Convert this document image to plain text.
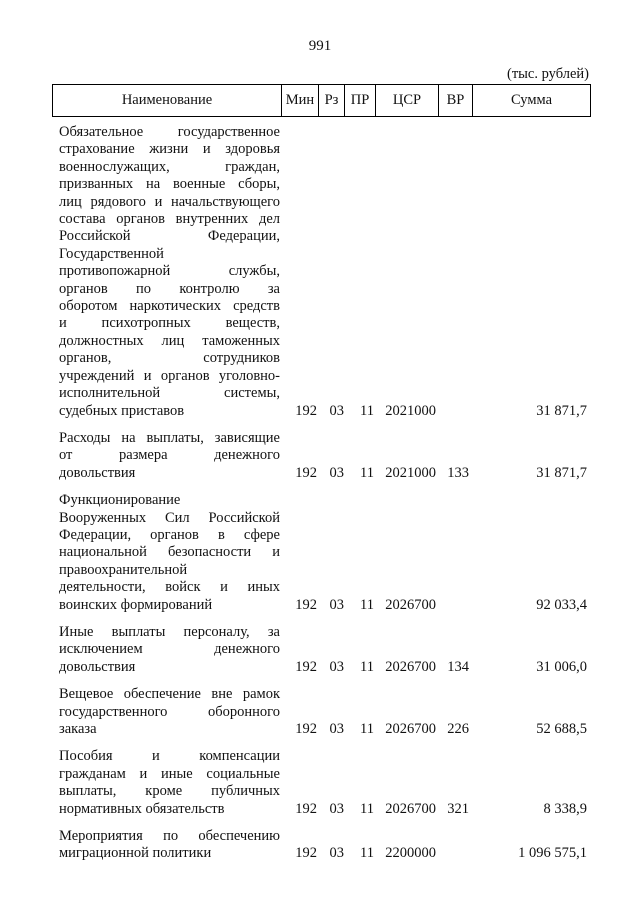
991
(тыс. рублей)
Наименование	Мин Рз ПР	ЦСР	ВР	Сумма
Обязательное государственное
страхование жизни и здоровья
военнослужащих, граждан,
призванных на военные сборы,
лиц рядового и начальствующего
состава органов внутренних дел
Российской Федерации,
Государственной
противопожарной службы,
органов по контролю за
оборотом наркотических средств
и психотропных веществ,
должностных лиц таможенных
органов, сотрудников
учреждений и органов уголовно-
исполнительной системы,
судебных приставов	192 03	11 2021000	31 871,7
Расходы на выплаты, зависящие
от размера денежного
довольствия	192 03	11 2021000 133	31 871,7
Функционирование
Вооруженных Сил Российской
Федерации, органов в сфере
национальной безопасности и
правоохранительной
деятельности, войск и иных
воинских формирований	192 03	11 2026700	92 033,4
Иные выплаты персоналу, за
исключением денежного
довольствия	192 03	11 2026700 134	31 006,0
Вещевое обеспечение вне рамок
государственного оборонного
заказа	192 03	11 2026700 226	52 688,5
Пособия и компенсации
гражданам и иные социальные
выплаты, кроме публичных
нормативных обязательств	192 03	11 2026700 321	8 338,9
Мероприятия по обеспечению
миграционной политики	192 03	11 2200000	1 096 575,1
